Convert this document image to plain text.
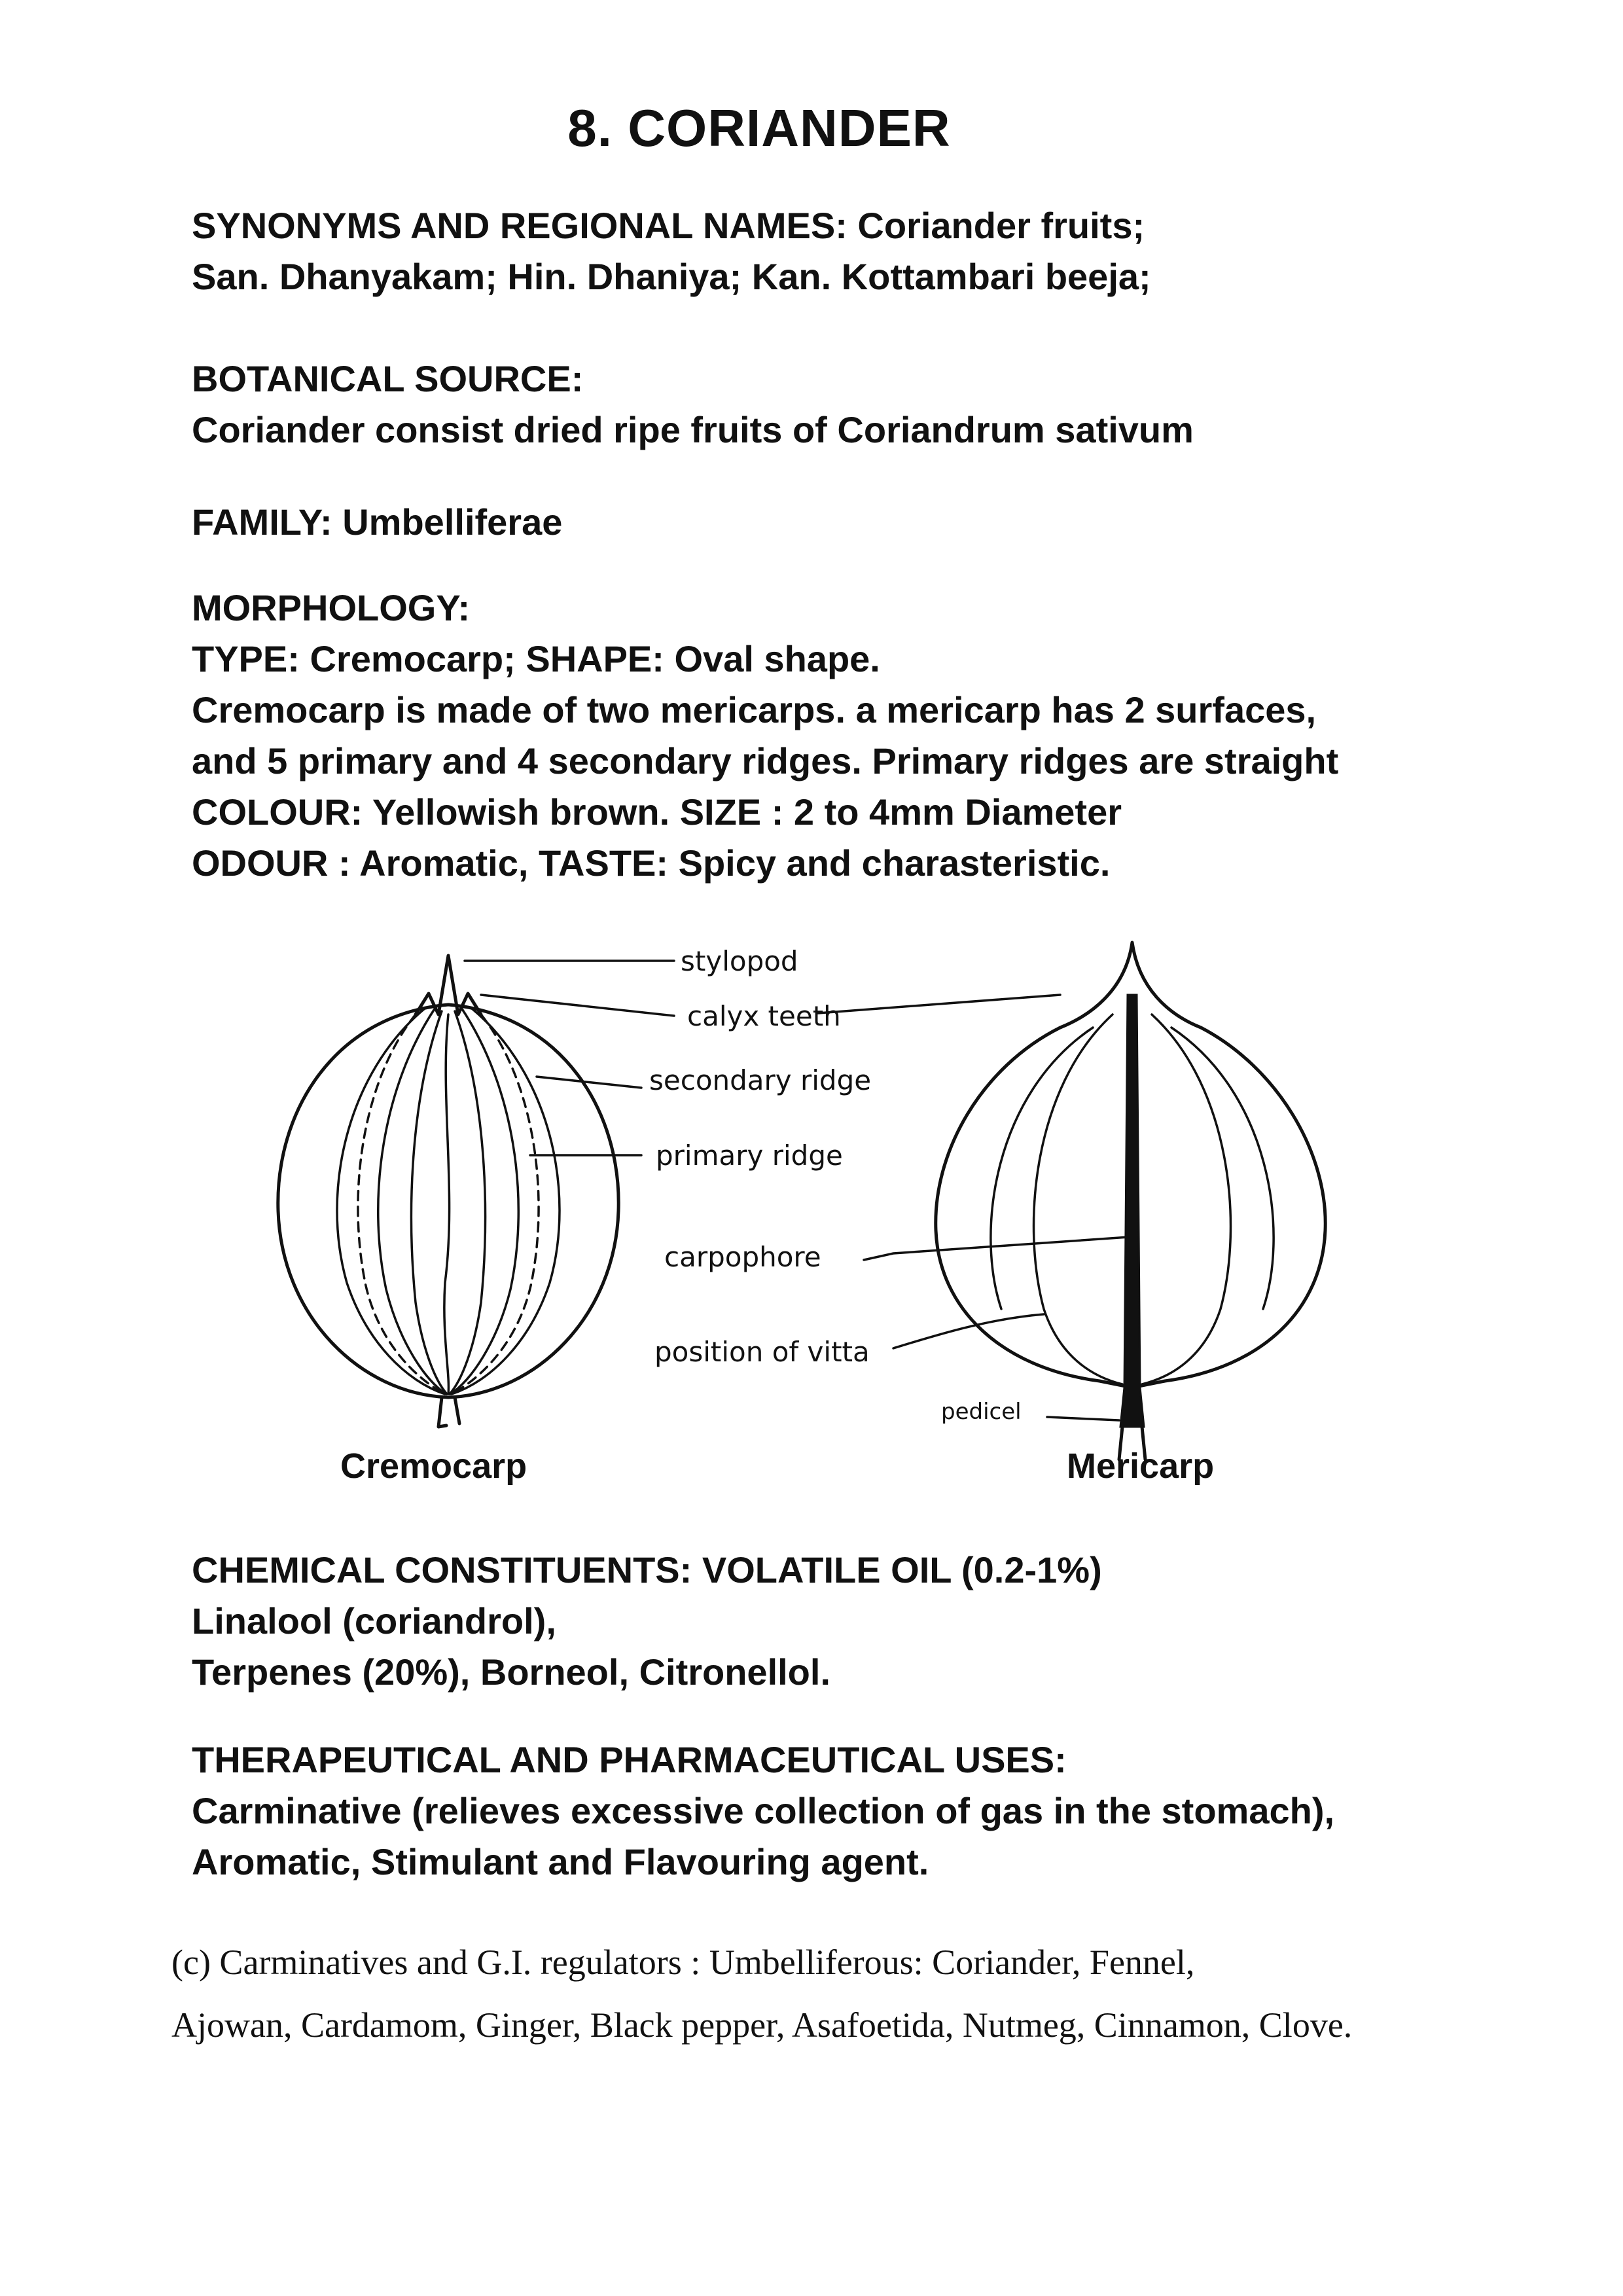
8. CORIANDER
SYNONYMS AND REGIONAL NAMES: Coriander fruits;
San. Dhanyakam; Hin. Dhaniya; Kan. Kottambari beeja;
BOTANICAL SOURCE:
Coriander consist dried ripe fruits of Coriandrum sativum
FAMILY: Umbelliferae
MORPHOLOGY:
TYPE: Cremocarp; SHAPE: Oval shape.
Cremocarp is made of two mericarps. a mericarp has 2 surfaces,
and 5 primary and 4 secondary ridges. Primary ridges are straight
COLOUR: Yellowish brown. SIZE : 2 to 4mm Diameter
ODOUR : Aromatic, TASTE: Spicy and charasteristic.
stylopod
calyx teeth
secondary ridge
primary ridge
carpophore
position of vitta
pedicel
Cremocarp	Mericarp
CHEMICAL CONSTITUENTS: VOLATILE OIL (0.2-1%)
Linalool (coriandrol),
Terpenes (20%), Borneol, Citronellol.
THERAPEUTICAL AND PHARMACEUTICAL USES:
Carminative (relieves excessive collection of gas in the stomach),
Aromatic, Stimulant and Flavouring agent.
(c) Carminatives and G.I. regulators : Umbelliferous: Coriander, Fennel,
Ajowan, Cardamom, Ginger, Black pepper, Asafoetida, Nutmeg, Cinnamon, Clove.
